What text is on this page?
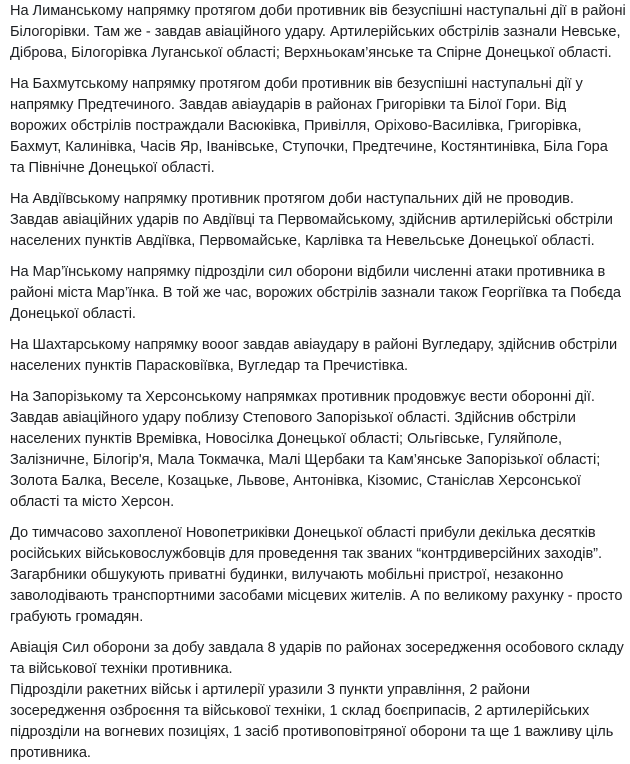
На Лиманському напрямку протягом доби противник вів безуспішні наступальні дії в районі Білогорівки. Там же - завдав авіаційного удару. Артилерійських обстрілів зазнали Невське, Діброва, Білогорівка Луганської області; Верхньокам’янське та Спірне Донецької області.

На Бахмутському напрямку протягом доби противник вів безуспішні наступальні дії у напрямку Предтечиного. Завдав авіаударів в районах Григорівки та Білої Гори. Від ворожих обстрілів постраждали Васюківка, Привілля, Оріхово-Василівка, Григорівка, Бахмут, Калинівка, Часів Яр, Іванівське, Ступочки, Предтечине, Костянтинівка, Біла Гора та Північне Донецької області.

На Авдіївському напрямку противник протягом доби наступальних дій не проводив. Завдав авіаційних ударів по Авдіївці та Первомайському, здійснив артилерійські обстріли населених пунктів Авдіївка, Первомайське, Карлівка та Невельське Донецької області.

На Мар’їнському напрямку підрозділи сил оборони відбили численні атаки противника в районі міста Мар’їнка. В той же час, ворожих обстрілів зазнали також Георгіївка та Побєда Донецької області.

На Шахтарському напрямку вооог завдав авіаудару в районі Вугледару, здійснив обстріли населених пунктів Парасковіївка, Вугледар та Пречистівка.

На Запорізькому та Херсонському напрямках противник продовжує вести оборонні дії. Завдав авіаційного удару поблизу Степового Запорізької області. Здійснив обстріли населених пунктів Времівка, Новосілка Донецької області; Ольгівське, Гуляйполе, Залізничне, Білогір'я, Мала Токмачка, Малі Щербаки та Кам’янське Запорізької області; Золота Балка, Веселе, Козацьке, Львове, Антонівка, Кізомис, Станіслав Херсонської області та місто Херсон.

До тимчасово захопленої Новопетриківки Донецької області прибули декілька десятків російських військовослужбовців для проведення так званих “контрдиверсійних заходів”. Загарбники обшукують приватні будинки, вилучають мобільні пристрої, незаконно заволодівають транспортними засобами місцевих жителів. А по великому рахунку - просто грабують громадян.

Авіація Сил оборони за добу завдала 8 ударів по районах зосередження особового складу та військової техніки противника.

Підрозділи ракетних військ і артилерії уразили 3 пункти управління, 2 райони зосередження озброєння та військової техніки, 1 склад боєприпасів, 2 артилерійських підрозділи на вогневих позиціях, 1 засіб противоповітряної оборони та ще 1 важливу ціль противника.
